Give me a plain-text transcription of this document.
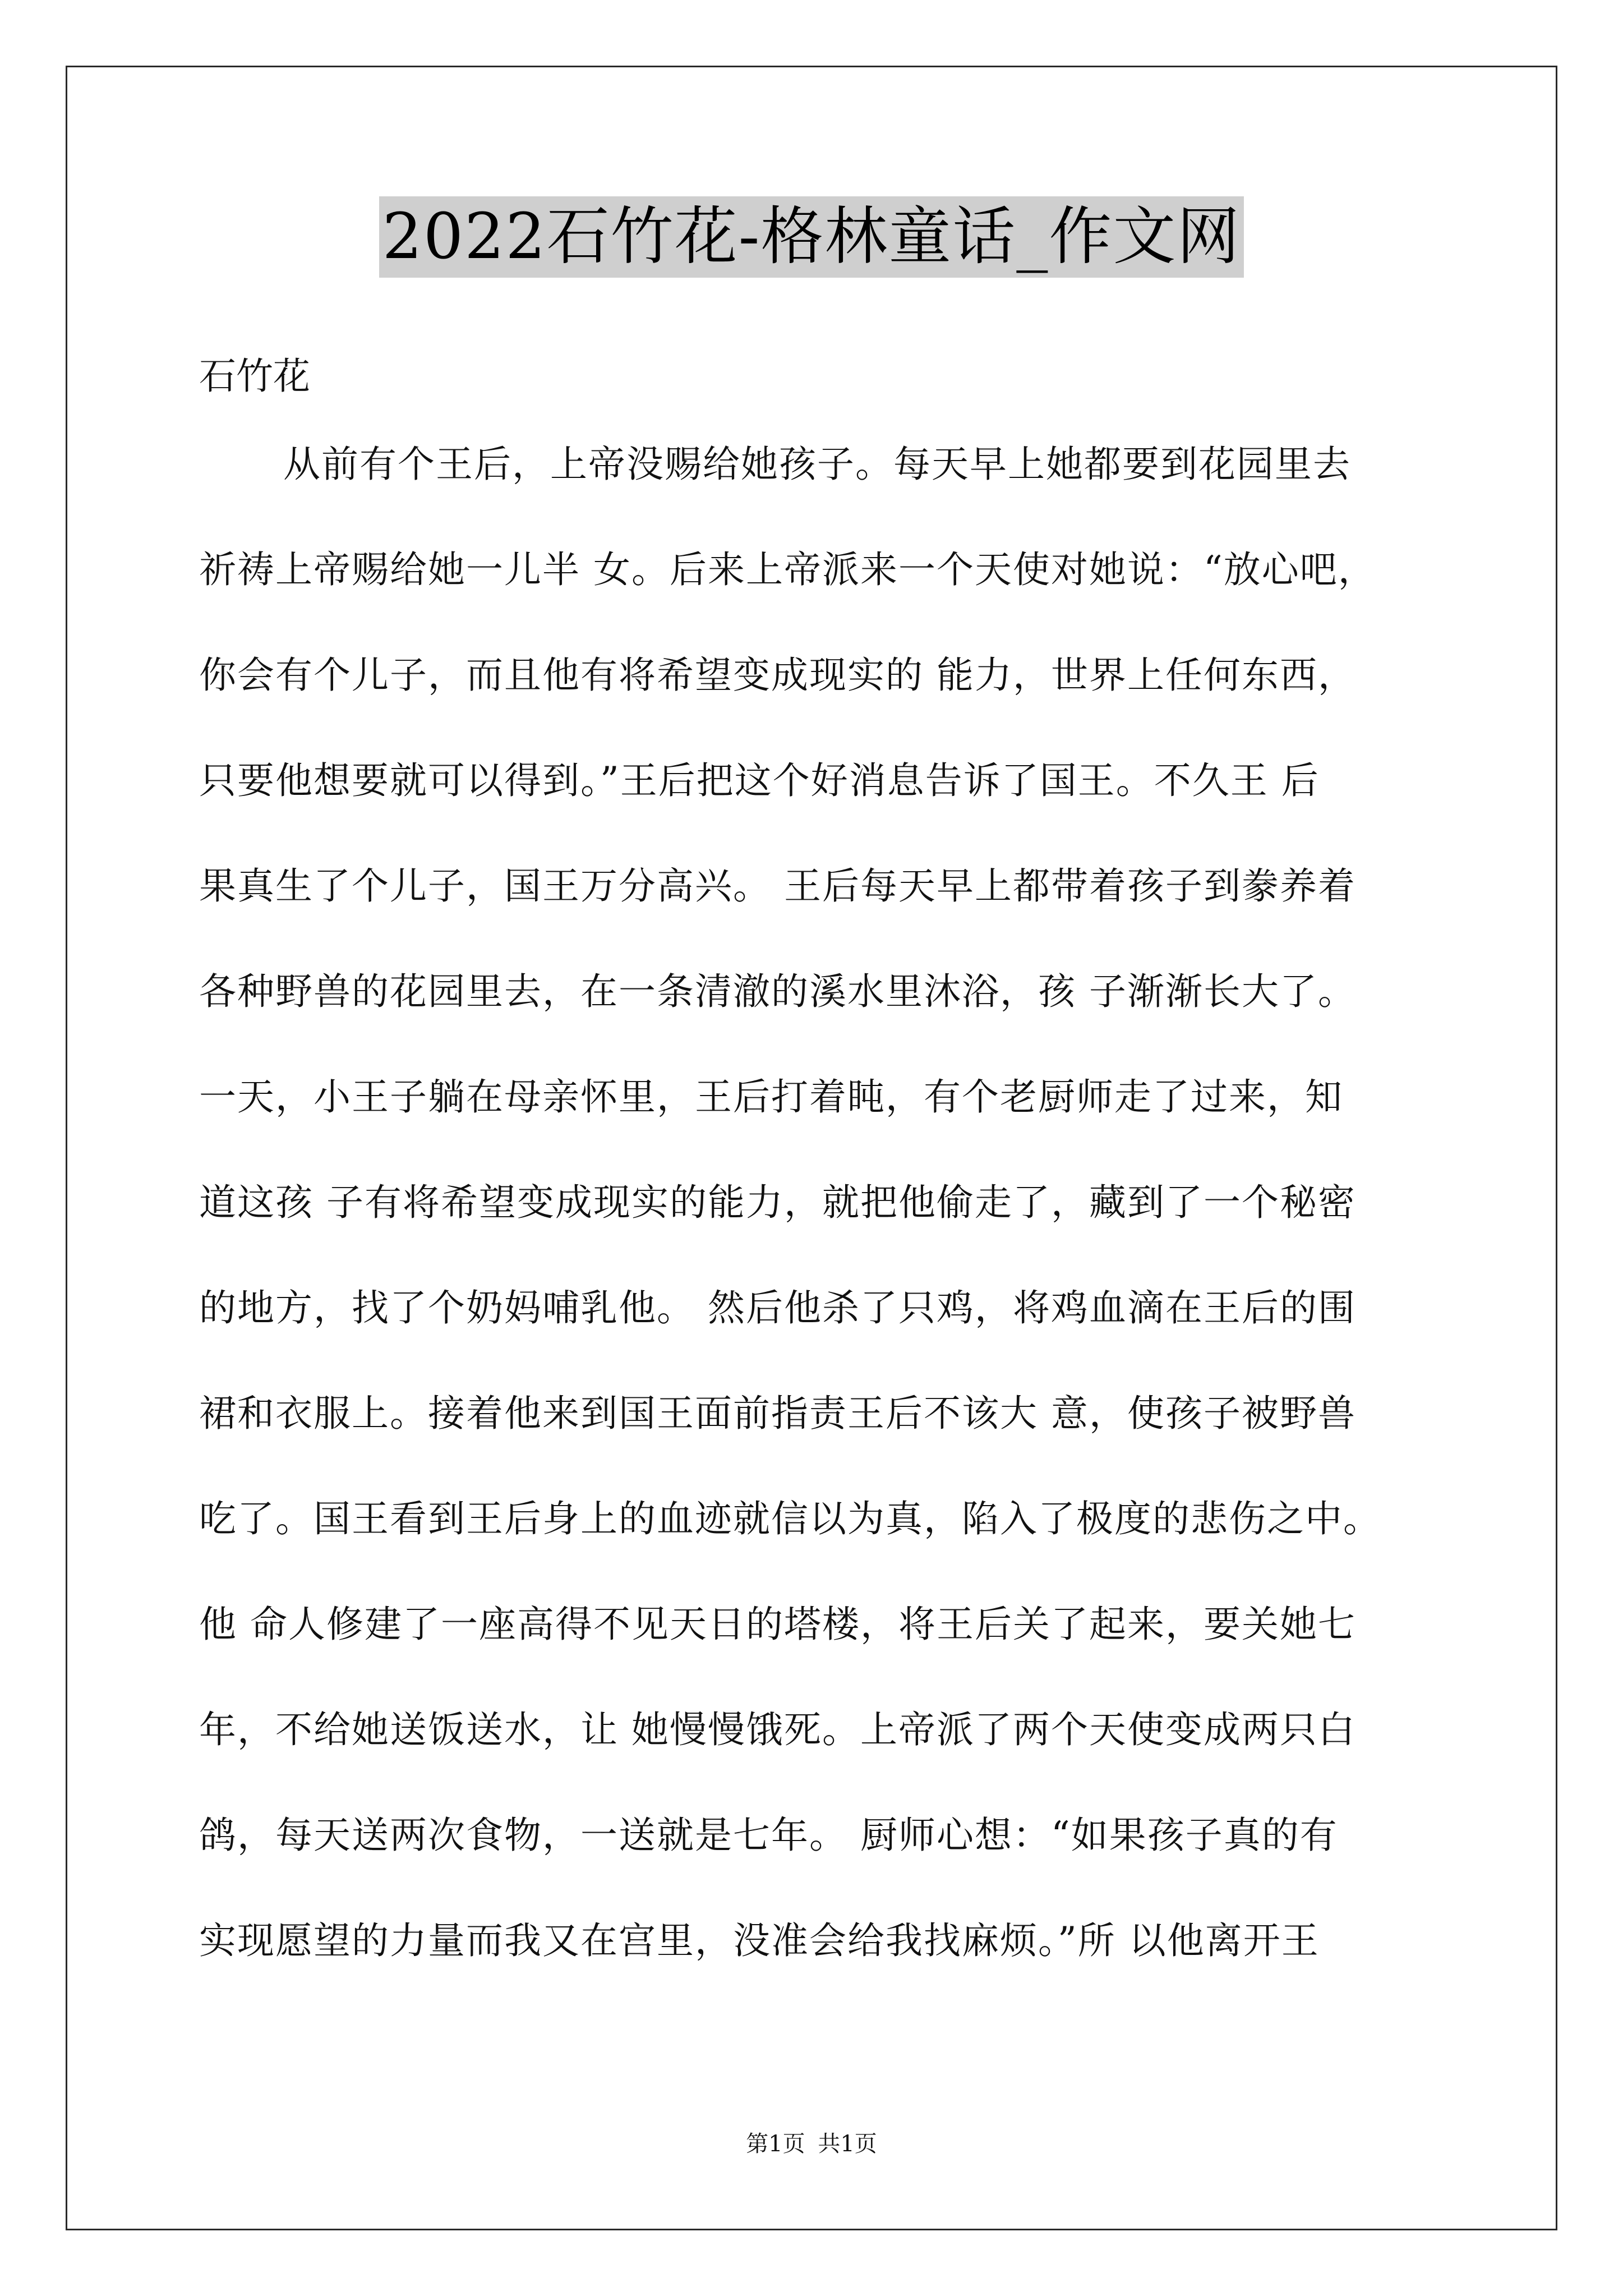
2022石竹花-格林童话_作文网
石竹花
从前有个王后，上帝没赐给她孩子。每天早上她都要到花园里去
祈祷上帝赐给她一儿半 女。后来上帝派来一个天使对她说：“放心吧，
你会有个儿子，而且他有将希望变成现实的 能力，世界上任何东西，
只要他想要就可以得到。”王后把这个好消息告诉了国王。不久王 后
果真生了个儿子，国王万分高兴。 王后每天早上都带着孩子到豢养着
各种野兽的花园里去，在一条清澈的溪水里沐浴，孩 子渐渐长大了。
一天，小王子躺在母亲怀里，王后打着盹，有个老厨师走了过来，知
道这孩 子有将希望变成现实的能力，就把他偷走了，藏到了一个秘密
的地方，找了个奶妈哺乳他。 然后他杀了只鸡，将鸡血滴在王后的围
裙和衣服上。接着他来到国王面前指责王后不该大 意，使孩子被野兽
吃了。国王看到王后身上的血迹就信以为真，陷入了极度的悲伤之中。
他 命人修建了一座高得不见天日的塔楼，将王后关了起来，要关她七
年，不给她送饭送水，让 她慢慢饿死。上帝派了两个天使变成两只白
鸽，每天送两次食物，一送就是七年。 厨师心想：“如果孩子真的有
实现愿望的力量而我又在宫里，没准会给我找麻烦。”所 以他离开王
第1页 共1页
